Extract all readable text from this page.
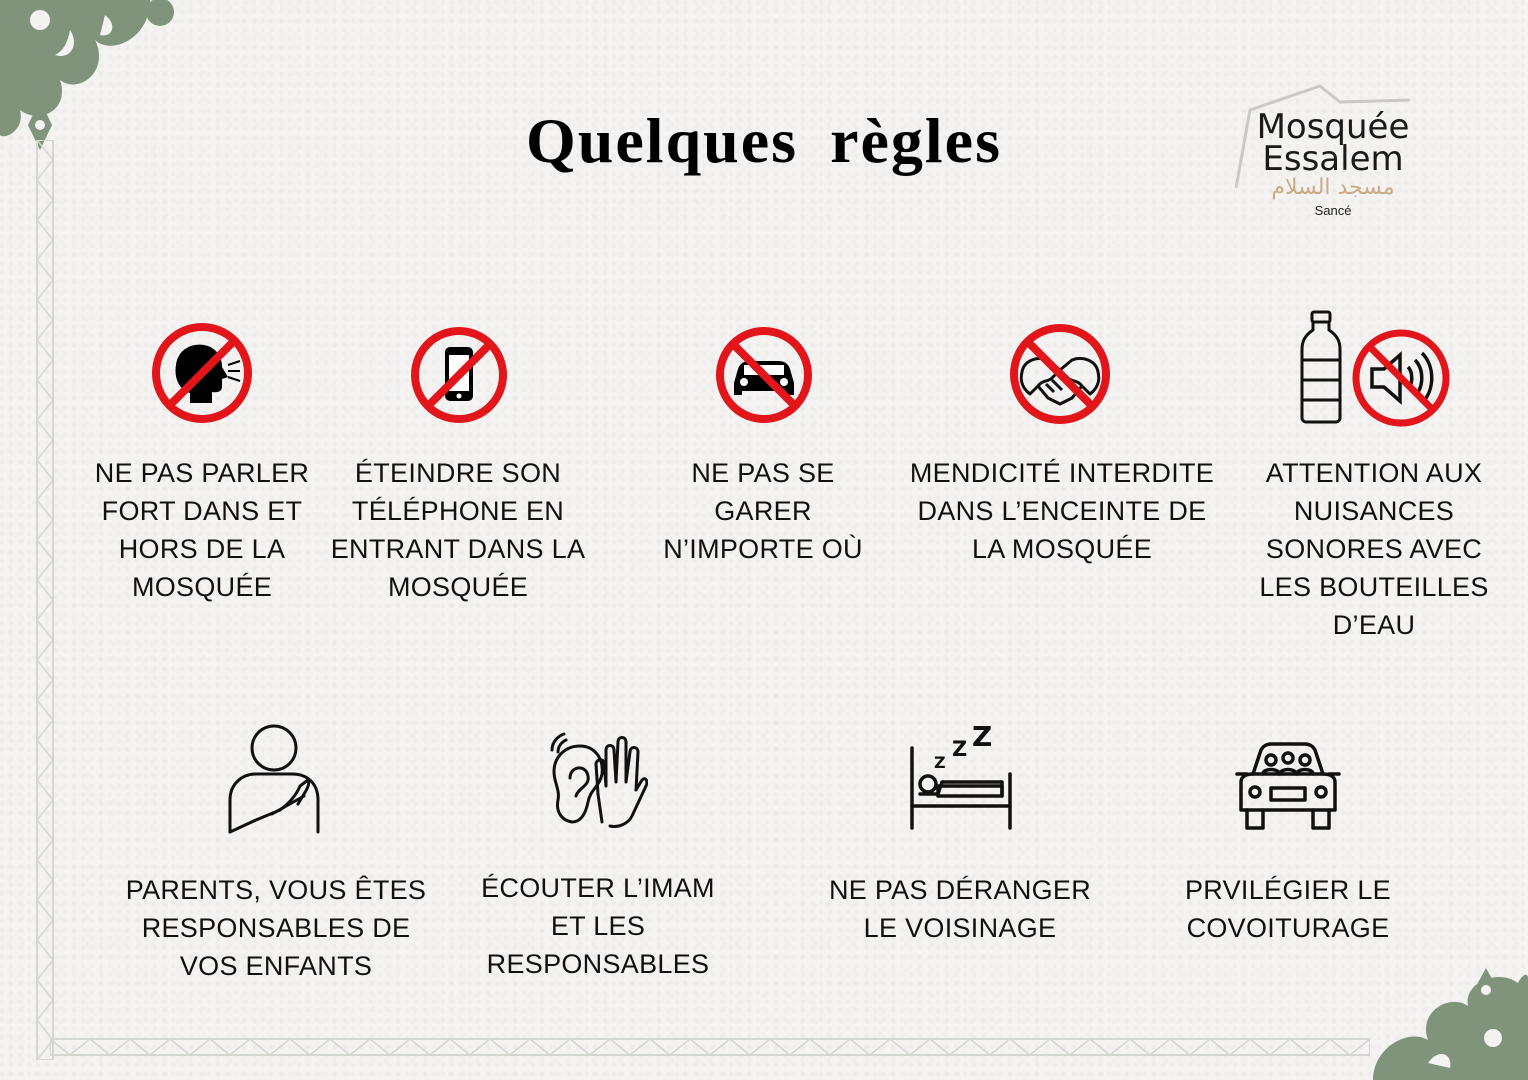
Quelques règles	Mosquée
Essalem
مسجد السلام
Sancé
NE PAS PARLER FORT DANS ET HORS DE LA MOSQUÉE
ÉTEINDRE SON TÉLÉPHONE EN ENTRANT DANS LA MOSQUÉE
NE PAS SE GARER N’IMPORTE OÙ
MENDICITÉ INTERDITE DANS L’ENCEINTE DE LA MOSQUÉE
ATTENTION AUX NUISANCES SONORES AVEC LES BOUTEILLES D’EAU
PARENTS, VOUS ÊTES RESPONSABLES DE VOS ENFANTS
ÉCOUTER L’IMAM ET LES RESPONSABLES
Z
Z Z
NE PAS DÉRANGER LE VOISINAGE
PRVILÉGIER LE COVOITURAGE
